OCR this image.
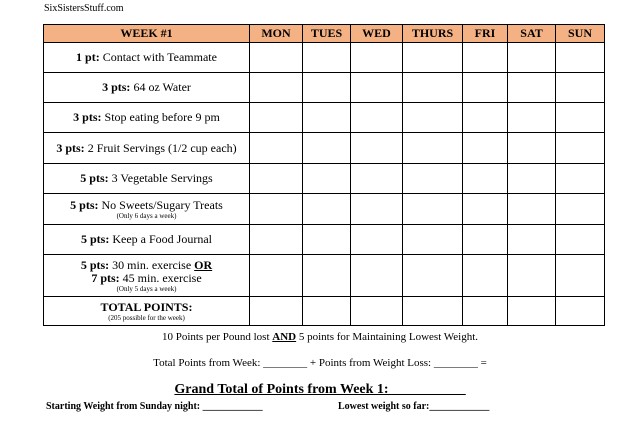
SixSistersStuff.com
WEEK #1	MON	TUES	WED	THURS	FRI	SAT	SUN
1 pt: Contact with Teammate							
3 pts: 64 oz Water							
3 pts: Stop eating before 9 pm							
3 pts: 2 Fruit Servings (1/2 cup each)							
5 pts: 3 Vegetable Servings							
5 pts: No Sweets/Sugary Treats
(Only 6 days a week)							

5 pts: Keep a Food Journal							
5 pts: 30 min. exercise OR
7 pts: 45 min. exercise
(Only 5 days a week)							

TOTAL POINTS:
(205 possible for the week)							

10 Points per Pound lost AND 5 points for Maintaining Lowest Weight.
Total Points from Week: ________ + Points from Weight Loss: ________ =
Grand Total of Points from Week 1:___________
Starting Weight from Sunday night: ____________	Lowest weight so far:____________
